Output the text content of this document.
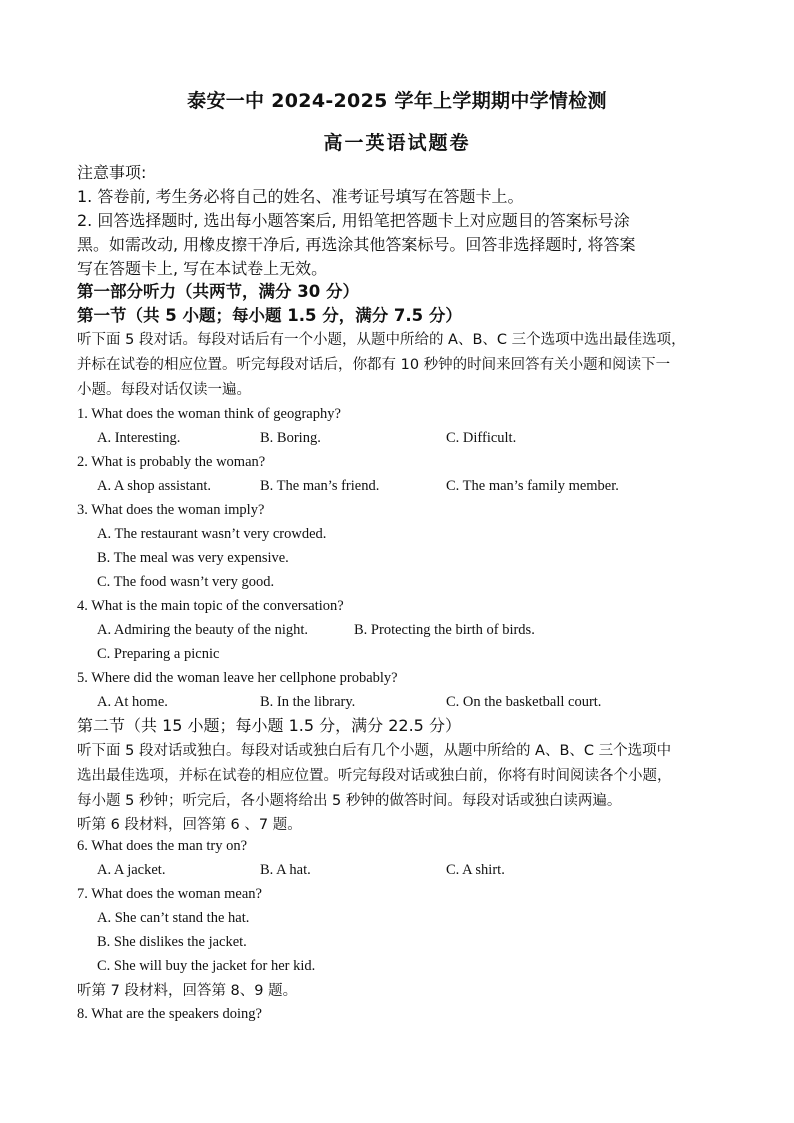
泰安一中 2024-2025 学年上学期期中学情检测
高一英语试题卷
注意事项:
1. 答卷前, 考生务必将自己的姓名、准考证号填写在答题卡上。
2. 回答选择题时, 选出每小题答案后, 用铅笔把答题卡上对应题目的答案标号涂
黑。如需改动, 用橡皮擦干净后, 再选涂其他答案标号。回答非选择题时, 将答案
写在答题卡上, 写在本试卷上无效。
第一部分听力（共两节，满分 30 分）
第一节（共 5 小题；每小题 1.5 分，满分 7.5 分）
听下面 5 段对话。每段对话后有一个小题，从题中所给的 A、B、C 三个选项中选出最佳选项，
并标在试卷的相应位置。听完每段对话后，你都有 10 秒钟的时间来回答有关小题和阅读下一
小题。每段对话仅读一遍。
1. What does the woman think of geography?
A. Interesting.	B. Boring.	C. Difficult.
2. What is probably the woman?
A. A shop assistant.	B. The man’s friend.	C. The man’s family member.
3. What does the woman imply?
A. The restaurant wasn’t very crowded.
B. The meal was very expensive.
C. The food wasn’t very good.
4. What is the main topic of the conversation?
A. Admiring the beauty of the night.	B. Protecting the birth of birds.
C. Preparing a picnic
5. Where did the woman leave her cellphone probably?
A. At home.	B. In the library.	C. On the basketball court.
第二节（共 15 小题；每小题 1.5 分，满分 22.5 分）
听下面 5 段对话或独白。每段对话或独白后有几个小题，从题中所给的 A、B、C 三个选项中
选出最佳选项，并标在试卷的相应位置。听完每段对话或独白前，你将有时间阅读各个小题，
每小题 5 秒钟；听完后，各小题将给出 5 秒钟的做答时间。每段对话或独白读两遍。
听第 6 段材料，回答第 6 、7 题。
6. What does the man try on?
A. A jacket.	B. A hat.	C. A shirt.
7. What does the woman mean?
A. She can’t stand the hat.
B. She dislikes the jacket.
C. She will buy the jacket for her kid.
听第 7 段材料，回答第 8、9 题。
8. What are the speakers doing?
